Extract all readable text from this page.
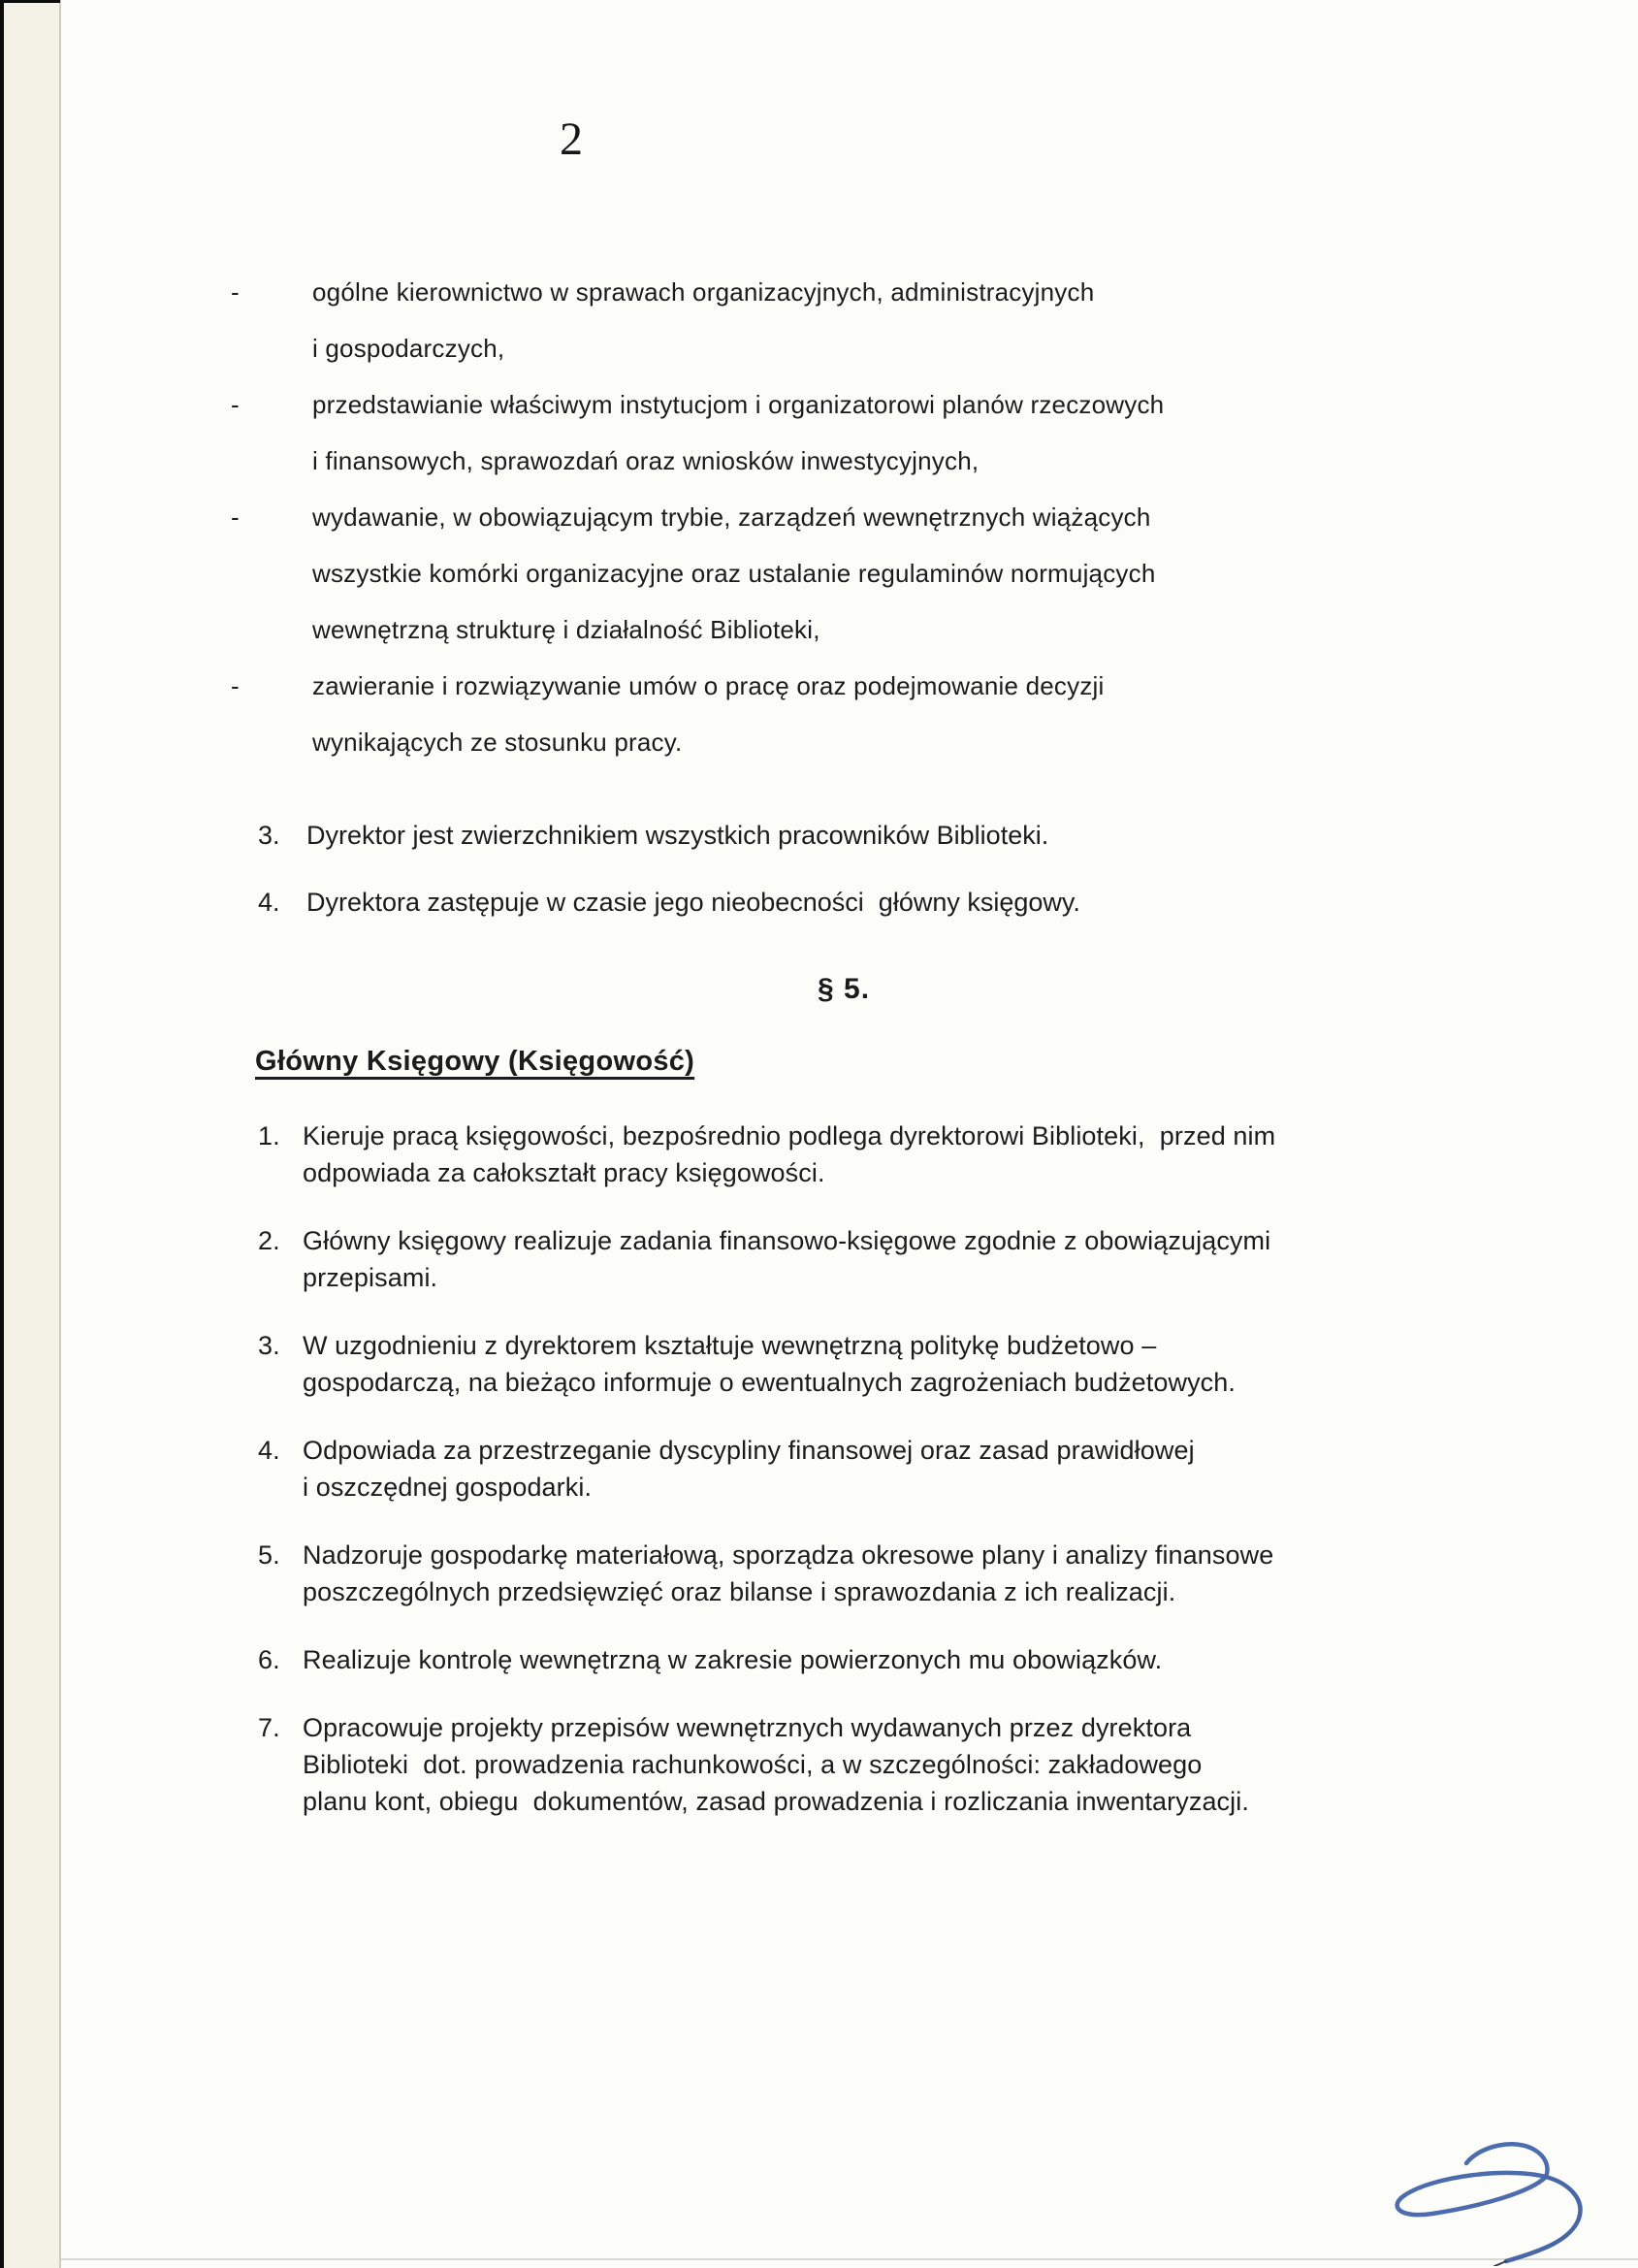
2
-	ogólne kierownictwo w sprawach organizacyjnych, administracyjnych
i gospodarczych,
-	przedstawianie właściwym instytucjom i organizatorowi planów rzeczowych
i finansowych, sprawozdań oraz wniosków inwestycyjnych,
-	wydawanie, w obowiązującym trybie, zarządzeń wewnętrznych wiążących
wszystkie komórki organizacyjne oraz ustalanie regulaminów normujących
wewnętrzną strukturę i działalność Biblioteki,
-	zawieranie i rozwiązywanie umów o pracę oraz podejmowanie decyzji
wynikających ze stosunku pracy.
3.	Dyrektor jest zwierzchnikiem wszystkich pracowników Biblioteki.
4.	Dyrektora zastępuje w czasie jego nieobecności  główny księgowy.
§ 5.
Główny Księgowy (Księgowość)
1. Kieruje pracą księgowości, bezpośrednio podlega dyrektorowi Biblioteki,  przed nim
odpowiada za całokształt pracy księgowości.
2. Główny księgowy realizuje zadania finansowo-księgowe zgodnie z obowiązującymi
przepisami.
3. W uzgodnieniu z dyrektorem kształtuje wewnętrzną politykę budżetowo –
gospodarczą, na bieżąco informuje o ewentualnych zagrożeniach budżetowych.
4. Odpowiada za przestrzeganie dyscypliny finansowej oraz zasad prawidłowej
i oszczędnej gospodarki.
5. Nadzoruje gospodarkę materiałową, sporządza okresowe plany i analizy finansowe
poszczególnych przedsięwzięć oraz bilanse i sprawozdania z ich realizacji.
6. Realizuje kontrolę wewnętrzną w zakresie powierzonych mu obowiązków.
7. Opracowuje projekty przepisów wewnętrznych wydawanych przez dyrektora
Biblioteki  dot. prowadzenia rachunkowości, a w szczególności: zakładowego
planu kont, obiegu  dokumentów, zasad prowadzenia i rozliczania inwentaryzacji.
